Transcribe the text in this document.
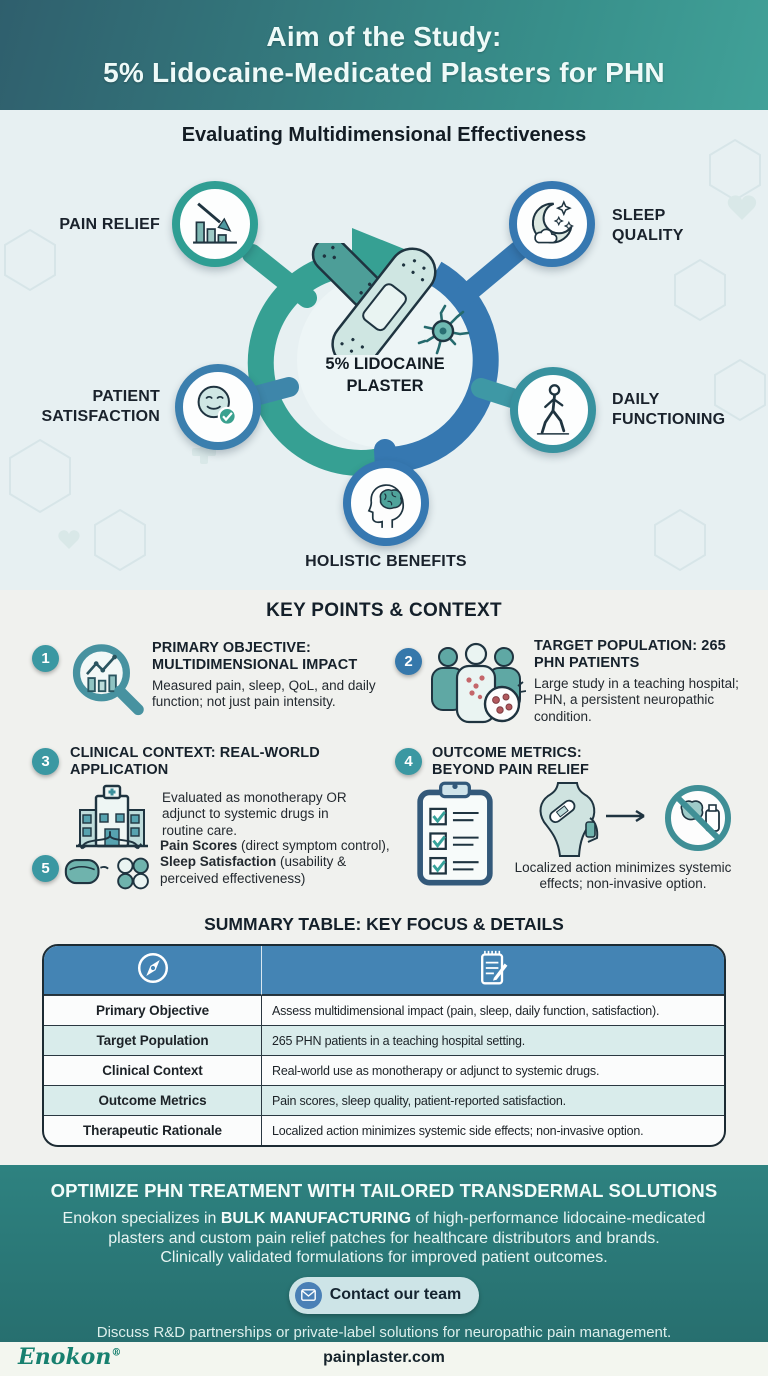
Aim of the Study:
5% Lidocaine-Medicated Plasters for PHN
Evaluating Multidimensional Effectiveness
5% LIDOCAINE
PLASTER
PAIN RELIEF
SLEEP QUALITY
PATIENT SATISFACTION
DAILY FUNCTIONING
HOLISTIC BENEFITS
KEY POINTS & CONTEXT
1
PRIMARY OBJECTIVE: MULTIDIMENSIONAL IMPACT
Measured pain, sleep, QoL, and daily function; not just pain intensity.
2
TARGET POPULATION: 265 PHN PATIENTS
Large study in a teaching hospital; PHN, a persistent neuropathic condition.
3	CLINICAL CONTEXT: REAL-WORLD APPLICATION
Evaluated as monotherapy OR adjunct to systemic drugs in routine care.
5
Pain Scores (direct symptom control),
Sleep Satisfaction (usability & perceived effectiveness)
4	OUTCOME METRICS: BEYOND PAIN RELIEF
Localized action minimizes systemic effects; non-invasive option.
SUMMARY TABLE: KEY FOCUS & DETAILS

Primary Objective	Assess multidimensional impact (pain, sleep, daily function, satisfaction).
Target Population	265 PHN patients in a teaching hospital setting.
Clinical Context	Real-world use as monotherapy or adjunct to systemic drugs.
Outcome Metrics	Pain scores, sleep quality, patient-reported satisfaction.
Therapeutic Rationale	Localized action minimizes systemic side effects; non-invasive option.
OPTIMIZE PHN TREATMENT WITH TAILORED TRANSDERMAL SOLUTIONS
Enokon specializes in BULK MANUFACTURING of high-performance lidocaine-medicated plasters and custom pain relief patches for healthcare distributors and brands.
Clinically validated formulations for improved patient outcomes.
Contact our team
Discuss R&D partnerships or private-label solutions for neuropathic pain management.
Enokon®	painplaster.com
